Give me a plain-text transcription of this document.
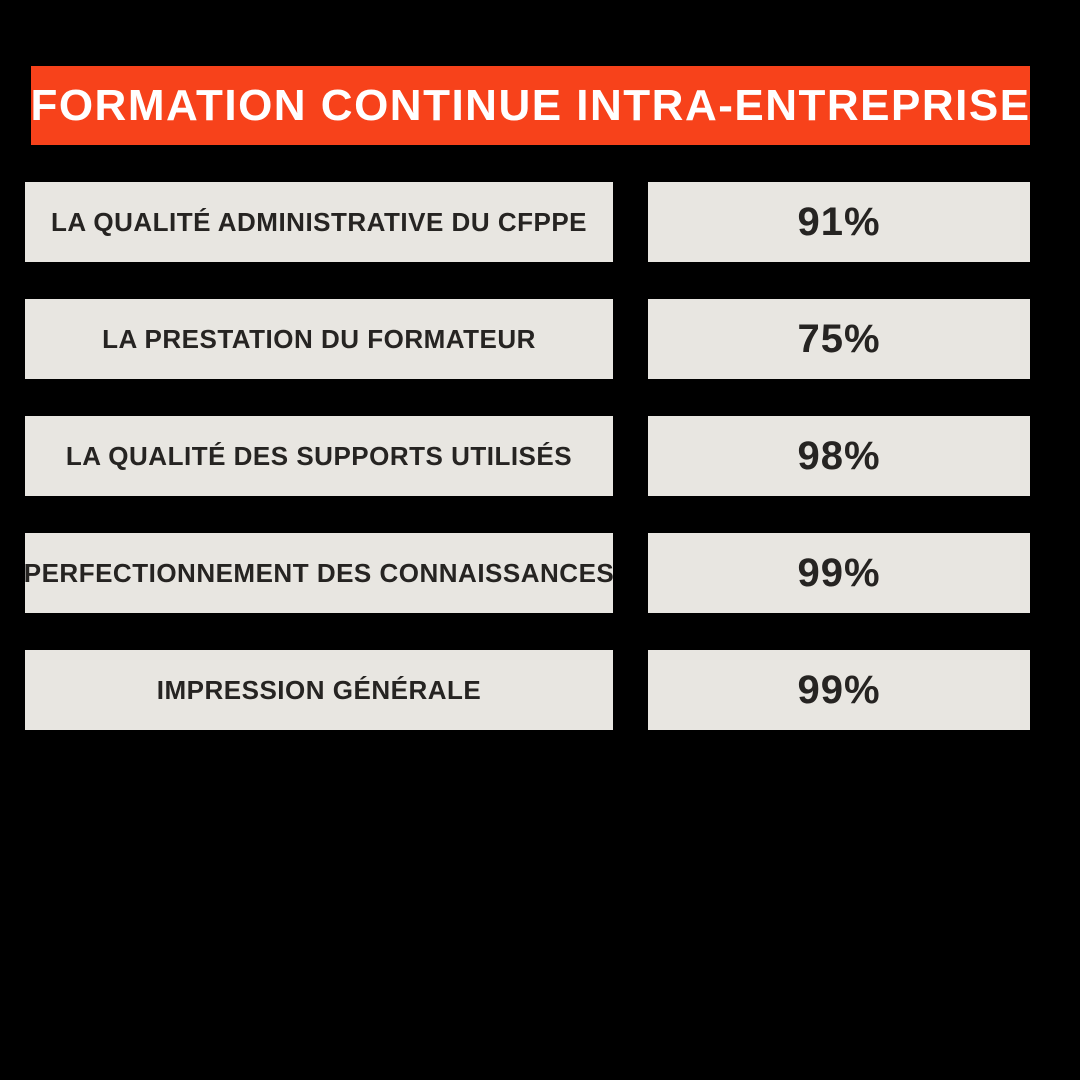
FORMATION CONTINUE INTRA-ENTREPRISE
LA QUALITÉ ADMINISTRATIVE DU CFPPE	91%
LA PRESTATION DU FORMATEUR	75%
LA QUALITÉ DES SUPPORTS UTILISÉS	98%
PERFECTIONNEMENT DES CONNAISSANCES	99%
IMPRESSION GÉNÉRALE	99%
